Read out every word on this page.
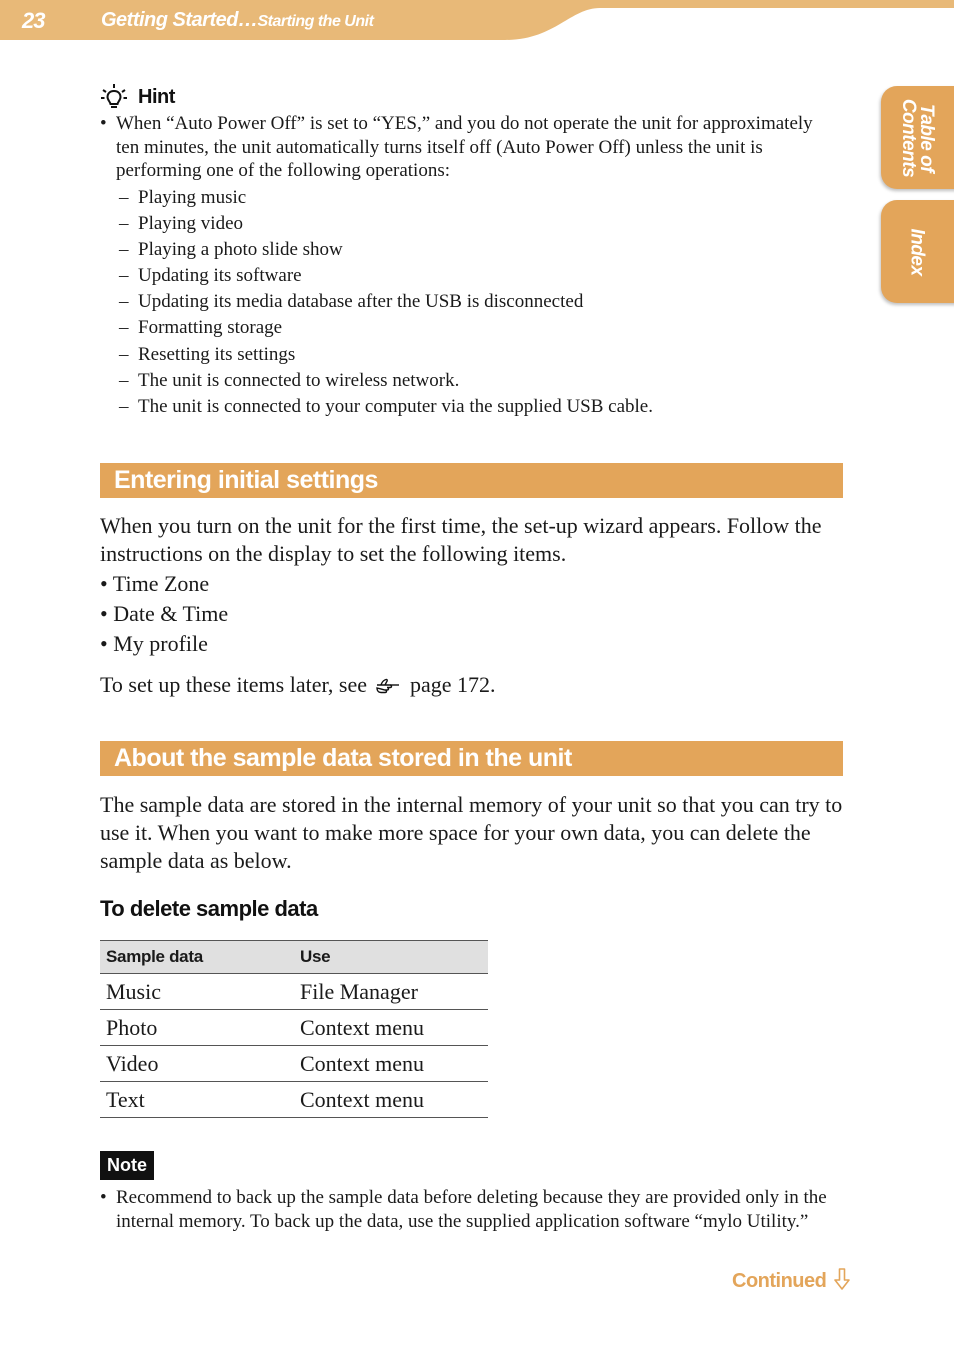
23	Getting Started…Starting the Unit
Table of Contents
Index
Hint
• When “Auto Power Off” is set to “YES,” and you do not operate the unit for approximately ten minutes, the unit automatically turns itself off (Auto Power Off) unless the unit is performing one of the following operations:
– Playing music
– Playing video
– Playing a photo slide show
– Updating its software
– Updating its media database after the USB is disconnected
– Formatting storage
– Resetting its settings
– The unit is connected to wireless network.
– The unit is connected to your computer via the supplied USB cable.
Entering initial settings
When you turn on the unit for the first time, the set-up wizard appears. Follow the instructions on the display to set the following items.
• Time Zone
• Date & Time
• My profile
To set up these items later, see page 172.
About the sample data stored in the unit
The sample data are stored in the internal memory of your unit so that you can try to use it. When you want to make more space for your own data, you can delete the sample data as below.
To delete sample data
Sample data	Use
Music	File Manager
Photo	Context menu
Video	Context menu
Text	Context menu
Note
• Recommend to back up the sample data before deleting because they are provided only in the internal memory. To back up the data, use the supplied application software “mylo Utility.”
Continued
